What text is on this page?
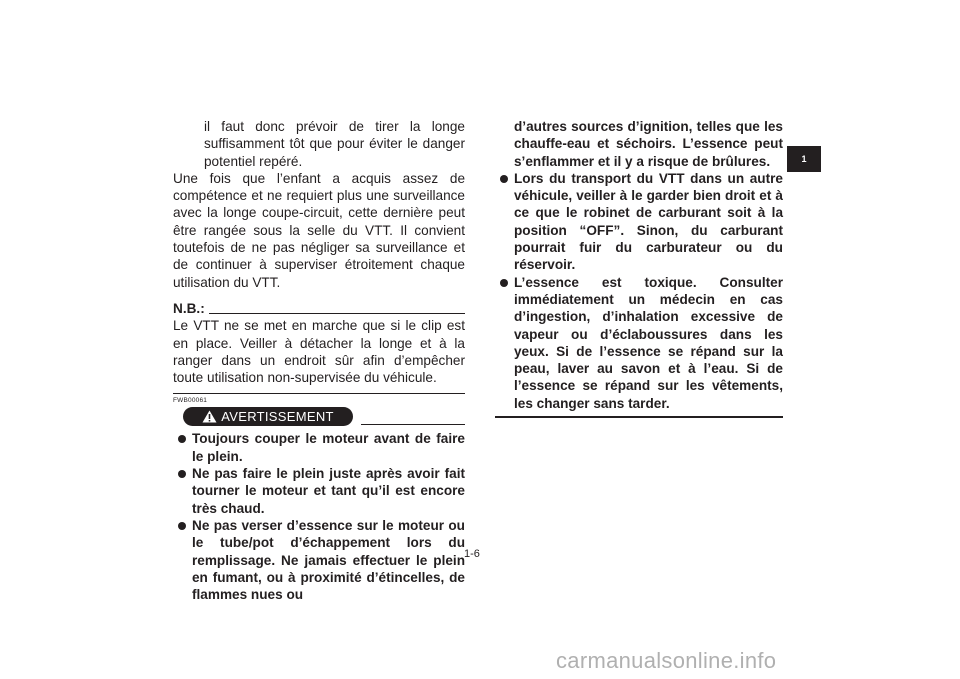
il faut donc prévoir de tirer la longe suffisamment tôt que pour éviter le danger potentiel repéré.

Une fois que l’enfant a acquis assez de compétence et ne requiert plus une surveillance avec la longe coupe-circuit, cette dernière peut être rangée sous la selle du VTT. Il convient toutefois de ne pas négliger sa surveillance et de continuer à superviser étroitement chaque utilisation du VTT.

N.B.:

Le VTT ne se met en marche que si le clip est en place. Veiller à détacher la longe et à la ranger dans un endroit sûr afin d’empêcher toute utilisation non-supervisée du véhicule.

FWB00061
AVERTISSEMENT
Toujours couper le moteur avant de faire le plein.
Ne pas faire le plein juste après avoir fait tourner le moteur et tant qu’il est encore très chaud.
Ne pas verser d’essence sur le moteur ou le tube/pot d’échappement lors du remplissage. Ne jamais effectuer le plein en fumant, ou à proximité d’étincelles, de flammes nues ou

d’autres sources d’ignition, telles que les chauffe-eau et séchoirs. L’essence peut s’enflammer et il y a risque de brûlures.

Lors du transport du VTT dans un autre véhicule, veiller à le garder bien droit et à ce que le robinet de carburant soit à la position “OFF”. Sinon, du carburant pourrait fuir du carburateur ou du réservoir.
L’essence est toxique. Consulter immédiatement un médecin en cas d’ingestion, d’inhalation excessive de vapeur ou d’éclaboussures dans les yeux. Si de l’essence se répand sur la peau, laver au savon et à l’eau. Si de l’essence se répand sur les vêtements, les changer sans tarder.
1-6
1
carmanualsonline.info
